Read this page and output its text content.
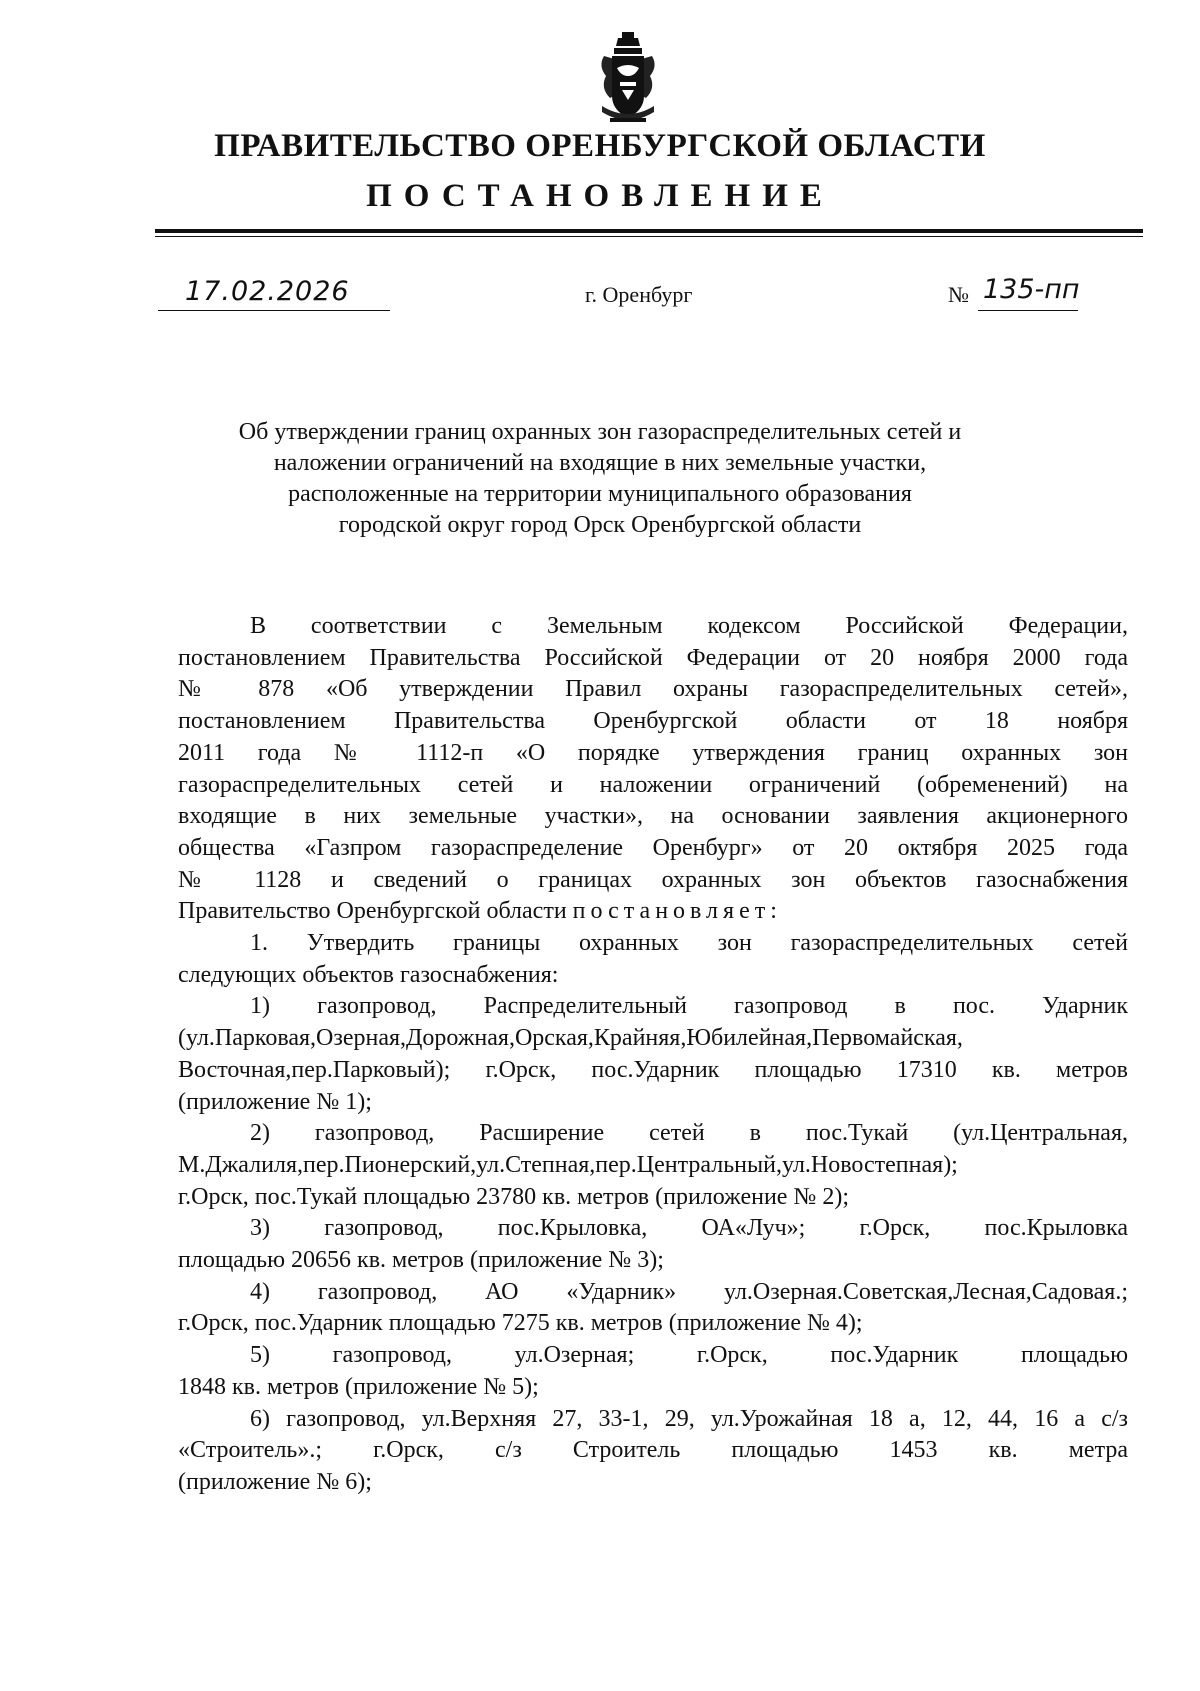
ПРАВИТЕЛЬСТВО ОРЕНБУРГСКОЙ ОБЛАСТИ
ПОСТАНОВЛЕНИЕ
17.02.2026	г. Оренбург	№ 135-пп
Об утверждении границ охранных зон газораспределительных сетей и
наложении ограничений на входящие в них земельные участки,
расположенные на территории муниципального образования
городской округ город Орск Оренбургской области
В соответствии с Земельным кодексом Российской Федерации,
постановлением Правительства Российской Федерации от 20 ноября 2000 года
№ 878 «Об утверждении Правил охраны газораспределительных сетей»,
постановлением Правительства Оренбургской области от 18 ноября
2011 года № 1112-п «О порядке утверждения границ охранных зон
газораспределительных сетей и наложении ограничений (обременений) на
входящие в них земельные участки», на основании заявления акционерного
общества «Газпром газораспределение Оренбург» от 20 октября 2025 года
№ 1128 и сведений о границах охранных зон объектов газоснабжения
Правительство Оренбургской области постановляет:
1. Утвердить границы охранных зон газораспределительных сетей
следующих объектов газоснабжения:
1) газопровод, Распределительный газопровод в пос. Ударник
(ул.Парковая,Озерная,Дорожная,Орская,Крайняя,Юбилейная,Первомайская,
Восточная,пер.Парковый); г.Орск, пос.Ударник площадью 17310 кв. метров
(приложение № 1);
2) газопровод, Расширение сетей в пос.Тукай (ул.Центральная,
М.Джалиля,пер.Пионерский,ул.Степная,пер.Центральный,ул.Новостепная);
г.Орск, пос.Тукай площадью 23780 кв. метров (приложение № 2);
3) газопровод, пос.Крыловка, ОА«Луч»; г.Орск, пос.Крыловка
площадью 20656 кв. метров (приложение № 3);
4) газопровод, АО «Ударник» ул.Озерная.Советская,Лесная,Садовая.;
г.Орск, пос.Ударник площадью 7275 кв. метров (приложение № 4);
5) газопровод, ул.Озерная; г.Орск, пос.Ударник площадью
1848 кв. метров (приложение № 5);
6) газопровод, ул.Верхняя 27, 33-1, 29, ул.Урожайная 18 а, 12, 44, 16 а с/з
«Строитель».; г.Орск, с/з Строитель площадью 1453 кв. метра
(приложение № 6);
